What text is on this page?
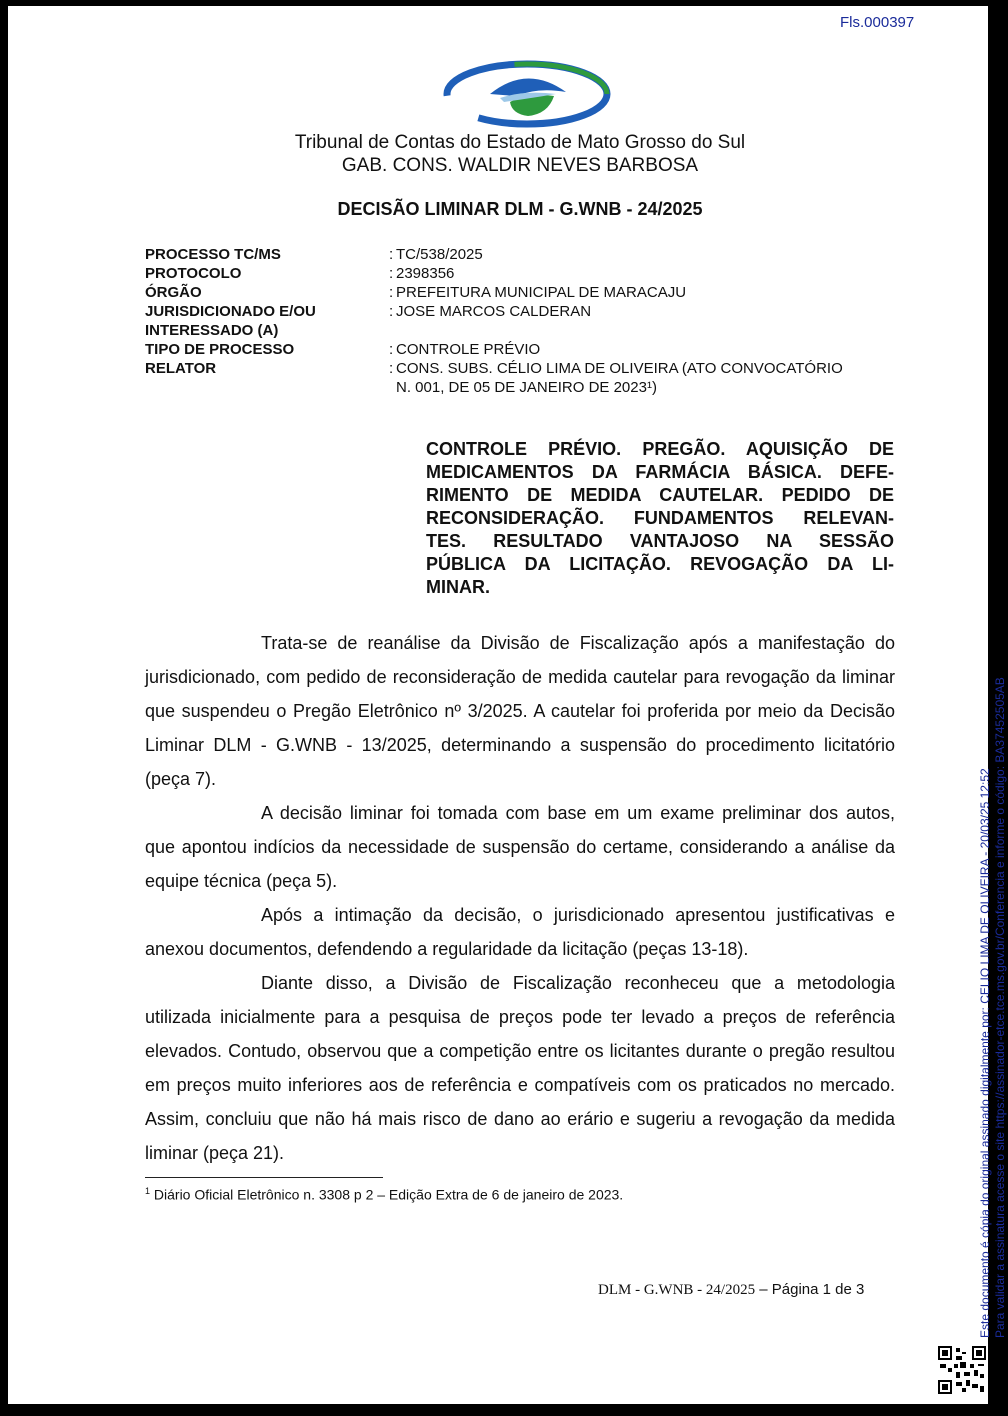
Fls.000397
Tribunal de Contas do Estado de Mato Grosso do Sul
GAB. CONS. WALDIR NEVES BARBOSA
DECISÃO LIMINAR DLM - G.WNB - 24/2025
PROCESSO TC/MS	: TC/538/2025
PROTOCOLO	: 2398356
ÓRGÃO	: PREFEITURA MUNICIPAL DE MARACAJU
JURISDICIONADO E/OU	: JOSE MARCOS CALDERAN
INTERESSADO (A)
TIPO DE PROCESSO	: CONTROLE PRÉVIO
RELATOR	: CONS. SUBS. CÉLIO LIMA DE OLIVEIRA (ATO CONVOCATÓRIO
N. 001, DE 05 DE JANEIRO DE 2023¹)
CONTROLE PRÉVIO. PREGÃO. AQUISIÇÃO DE
MEDICAMENTOS DA FARMÁCIA BÁSICA. DEFE-
RIMENTO DE MEDIDA CAUTELAR. PEDIDO DE
RECONSIDERAÇÃO. FUNDAMENTOS RELEVAN-
TES. RESULTADO VANTAJOSO NA SESSÃO
PÚBLICA DA LICITAÇÃO. REVOGAÇÃO DA LI-
MINAR.

Trata-se de reanálise da Divisão de Fiscalização após a manifestação do jurisdicionado, com pedido de reconsideração de medida cautelar para revogação da liminar que suspendeu o Pregão Eletrônico nº 3/2025. A cautelar foi proferida por meio da Decisão Liminar DLM - G.WNB - 13/2025, determinando a suspensão do procedimento licitatório (peça 7).

A decisão liminar foi tomada com base em um exame preliminar dos autos, que apontou indícios da necessidade de suspensão do certame, considerando a análise da equipe técnica (peça 5).

Após a intimação da decisão, o jurisdicionado apresentou justificativas e anexou documentos, defendendo a regularidade da licitação (peças 13-18).

Diante disso, a Divisão de Fiscalização reconheceu que a metodologia utilizada inicialmente para a pesquisa de preços pode ter levado a preços de referência elevados. Contudo, observou que a competição entre os licitantes durante o pregão resultou em preços muito inferiores aos de referência e compatíveis com os praticados no mercado. Assim, concluiu que não há mais risco de dano ao erário e sugeriu a revogação da medida liminar (peça 21).

$^1$ Diário Oficial Eletrônico n. 3308 p 2 – Edição Extra de 6 de janeiro de 2023.
DLM - G.WNB - 24/2025 – Página 1 de 3	Este documento é cópia do original assinado digitalmente por: CELIO LIMA DE OLIVEIRA - 20/03/25 12:52 Para validar a assinatura acesse o site https://assinador-etce.tce.ms.gov.br/Conferencia e informe o código: BA37452505AB
